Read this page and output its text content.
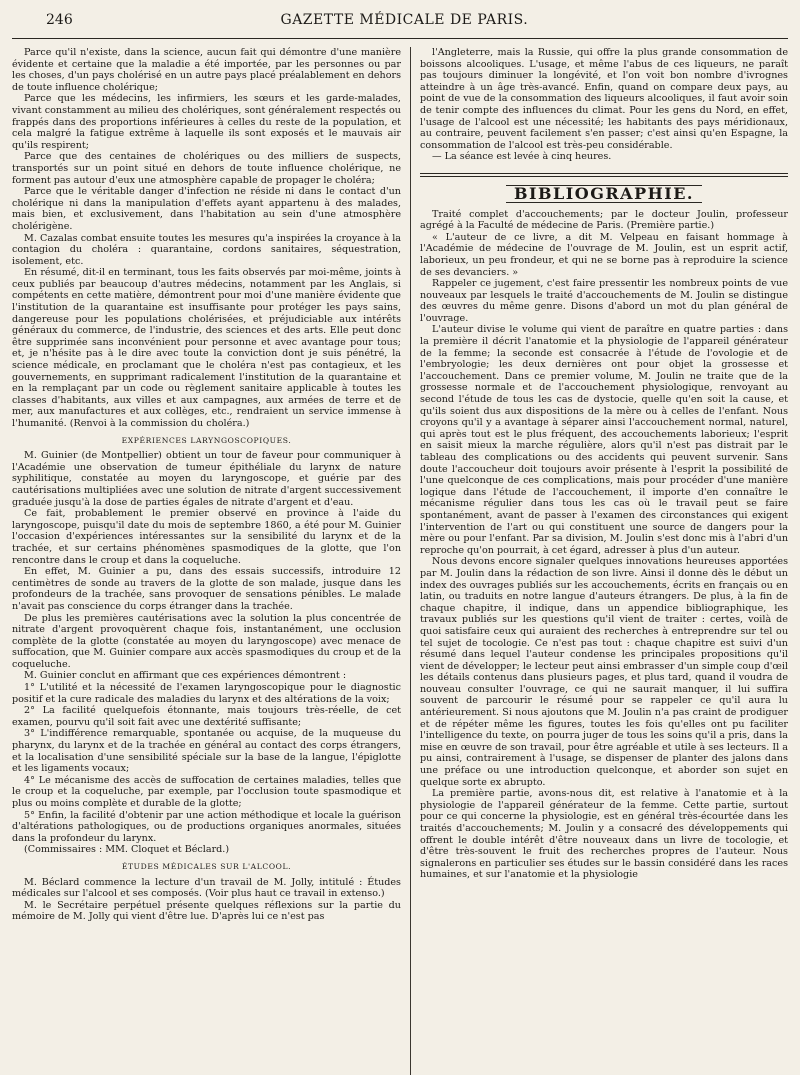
246	GAZETTE MÉDICALE DE PARIS.

Parce qu'il n'existe, dans la science, aucun fait qui démontre d'une manière évidente et certaine que la maladie a été importée, par les personnes ou par les choses, d'un pays cholérisé en un autre pays placé préalablement en dehors de toute influence cholérique;

Parce que les médecins, les infirmiers, les sœurs et les garde-malades, vivant constamment au milieu des cholériques, sont généralement respectés ou frappés dans des proportions inférieures à celles du reste de la population, et cela malgré la fatigue extrême à laquelle ils sont exposés et le mauvais air qu'ils respirent;

Parce que des centaines de cholériques ou des milliers de suspects, transportés sur un point situé en dehors de toute influence cholérique, ne forment pas autour d'eux une atmosphère capable de propager le choléra;

Parce que le véritable danger d'infection ne réside ni dans le contact d'un cholérique ni dans la manipulation d'effets ayant appartenu à des malades, mais bien, et exclusivement, dans l'habitation au sein d'une atmosphère cholérigène.

M. Cazalas combat ensuite toutes les mesures qu'a inspirées la croyance à la contagion du choléra : quarantaine, cordons sanitaires, séquestration, isolement, etc.

En résumé, dit-il en terminant, tous les faits observés par moi-même, joints à ceux publiés par beaucoup d'autres médecins, notamment par les Anglais, si compétents en cette matière, démontrent pour moi d'une manière évidente que l'institution de la quarantaine est insuffisante pour protéger les pays sains, dangereuse pour les populations cholérisées, et préjudiciable aux intérêts généraux du commerce, de l'industrie, des sciences et des arts. Elle peut donc être supprimée sans inconvénient pour personne et avec avantage pour tous; et, je n'hésite pas à le dire avec toute la conviction dont je suis pénétré, la science médicale, en proclamant que le choléra n'est pas contagieux, et les gouvernements, en supprimant radicalement l'institution de la quarantaine et en la remplaçant par un code ou règlement sanitaire applicable à toutes les classes d'habitants, aux villes et aux campagnes, aux armées de terre et de mer, aux manufactures et aux collèges, etc., rendraient un service immense à l'humanité. (Renvoi à la commission du choléra.)

EXPÉRIENCES LARYNGOSCOPIQUES.

M. Guinier (de Montpellier) obtient un tour de faveur pour communiquer à l'Académie une observation de tumeur épithéliale du larynx de nature syphilitique, constatée au moyen du laryngoscope, et guérie par des cautérisations multipliées avec une solution de nitrate d'argent successivement graduée jusqu'à la dose de parties égales de nitrate d'argent et d'eau.

Ce fait, probablement le premier observé en province à l'aide du laryngoscope, puisqu'il date du mois de septembre 1860, a été pour M. Guinier l'occasion d'expériences intéressantes sur la sensibilité du larynx et de la trachée, et sur certains phénomènes spasmodiques de la glotte, que l'on rencontre dans le croup et dans la coqueluche.

En effet, M. Guinier a pu, dans des essais successifs, introduire 12 centimètres de sonde au travers de la glotte de son malade, jusque dans les profondeurs de la trachée, sans provoquer de sensations pénibles. Le malade n'avait pas conscience du corps étranger dans la trachée.

De plus les premières cautérisations avec la solution la plus concentrée de nitrate d'argent provoquèrent chaque fois, instantanément, une occlusion complète de la glotte (constatée au moyen du laryngoscope) avec menace de suffocation, que M. Guinier compare aux accès spasmodiques du croup et de la coqueluche.

M. Guinier conclut en affirmant que ces expériences démontrent :

1° L'utilité et la nécessité de l'examen laryngoscopique pour le diagnostic positif et la cure radicale des maladies du larynx et des altérations de la voix;

2° La facilité quelquefois étonnante, mais toujours très-réelle, de cet examen, pourvu qu'il soit fait avec une dextérité suffisante;

3° L'indifférence remarquable, spontanée ou acquise, de la muqueuse du pharynx, du larynx et de la trachée en général au contact des corps étrangers, et la localisation d'une sensibilité spéciale sur la base de la langue, l'épiglotte et les ligaments vocaux;

4° Le mécanisme des accès de suffocation de certaines maladies, telles que le croup et la coqueluche, par exemple, par l'occlusion toute spasmodique et plus ou moins complète et durable de la glotte;

5° Enfin, la facilité d'obtenir par une action méthodique et locale la guérison d'altérations pathologiques, ou de productions organiques anormales, situées dans la profondeur du larynx.

(Commissaires : MM. Cloquet et Béclard.)

ÉTUDES MÉDICALES SUR L'ALCOOL.

M. Béclard commence la lecture d'un travail de M. Jolly, intitulé : Études médicales sur l'alcool et ses composés. (Voir plus haut ce travail in extenso.)

M. le Secrétaire perpétuel présente quelques réflexions sur la partie du mémoire de M. Jolly qui vient d'être lue. D'après lui ce n'est pas

l'Angleterre, mais la Russie, qui offre la plus grande consommation de boissons alcooliques. L'usage, et même l'abus de ces liqueurs, ne paraît pas toujours diminuer la longévité, et l'on voit bon nombre d'ivrognes atteindre à un âge très-avancé. Enfin, quand on compare deux pays, au point de vue de la consommation des liqueurs alcooliques, il faut avoir soin de tenir compte des influences du climat. Pour les gens du Nord, en effet, l'usage de l'alcool est une nécessité; les habitants des pays méridionaux, au contraire, peuvent facilement s'en passer; c'est ainsi qu'en Espagne, la consommation de l'alcool est très-peu considérable.

— La séance est levée à cinq heures.

BIBLIOGRAPHIE.

Traité complet d'accouchements; par le docteur Joulin, professeur agrégé à la Faculté de médecine de Paris. (Première partie.)

« L'auteur de ce livre, a dit M. Velpeau en faisant hommage à l'Académie de médecine de l'ouvrage de M. Joulin, est un esprit actif, laborieux, un peu frondeur, et qui ne se borne pas à reproduire la science de ses devanciers. »

Rappeler ce jugement, c'est faire pressentir les nombreux points de vue nouveaux par lesquels le traité d'accouchements de M. Joulin se distingue des œuvres du même genre. Disons d'abord un mot du plan général de l'ouvrage.

L'auteur divise le volume qui vient de paraître en quatre parties : dans la première il décrit l'anatomie et la physiologie de l'appareil générateur de la femme; la seconde est consacrée à l'étude de l'ovologie et de l'embryologie; les deux dernières ont pour objet la grossesse et l'accouchement. Dans ce premier volume, M. Joulin ne traite que de la grossesse normale et de l'accouchement physiologique, renvoyant au second l'étude de tous les cas de dystocie, quelle qu'en soit la cause, et qu'ils soient dus aux dispositions de la mère ou à celles de l'enfant. Nous croyons qu'il y a avantage à séparer ainsi l'accouchement normal, naturel, qui après tout est le plus fréquent, des accouchements laborieux; l'esprit en saisit mieux la marche régulière, alors qu'il n'est pas distrait par le tableau des complications ou des accidents qui peuvent survenir. Sans doute l'accoucheur doit toujours avoir présente à l'esprit la possibilité de l'une quelconque de ces complications, mais pour procéder d'une manière logique dans l'étude de l'accouchement, il importe d'en connaître le mécanisme régulier dans tous les cas où le travail peut se faire spontanément, avant de passer à l'examen des circonstances qui exigent l'intervention de l'art ou qui constituent une source de dangers pour la mère ou pour l'enfant. Par sa division, M. Joulin s'est donc mis à l'abri d'un reproche qu'on pourrait, à cet égard, adresser à plus d'un auteur.

Nous devons encore signaler quelques innovations heureuses apportées par M. Joulin dans la rédaction de son livre. Ainsi il donne dès le début un index des ouvrages publiés sur les accouchements, écrits en français ou en latin, ou traduits en notre langue d'auteurs étrangers. De plus, à la fin de chaque chapitre, il indique, dans un appendice bibliographique, les travaux publiés sur les questions qu'il vient de traiter : certes, voilà de quoi satisfaire ceux qui auraient des recherches à entreprendre sur tel ou tel sujet de tocologie. Ce n'est pas tout : chaque chapitre est suivi d'un résumé dans lequel l'auteur condense les principales propositions qu'il vient de développer; le lecteur peut ainsi embrasser d'un simple coup d'œil les détails contenus dans plusieurs pages, et plus tard, quand il voudra de nouveau consulter l'ouvrage, ce qui ne saurait manquer, il lui suffira souvent de parcourir le résumé pour se rappeler ce qu'il aura lu antérieurement. Si nous ajoutons que M. Joulin n'a pas craint de prodiguer et de répéter même les figures, toutes les fois qu'elles ont pu faciliter l'intelligence du texte, on pourra juger de tous les soins qu'il a pris, dans la mise en œuvre de son travail, pour être agréable et utile à ses lecteurs. Il a pu ainsi, contrairement à l'usage, se dispenser de planter des jalons dans une préface ou une introduction quelconque, et aborder son sujet en quelque sorte ex abrupto.

La première partie, avons-nous dit, est relative à l'anatomie et à la physiologie de l'appareil générateur de la femme. Cette partie, surtout pour ce qui concerne la physiologie, est en général très-écourtée dans les traités d'accouchements; M. Joulin y a consacré des développements qui offrent le double intérêt d'être nouveaux dans un livre de tocologie, et d'être très-souvent le fruit des recherches propres de l'auteur. Nous signalerons en particulier ses études sur le bassin considéré dans les races humaines, et sur l'anatomie et la physiologie
